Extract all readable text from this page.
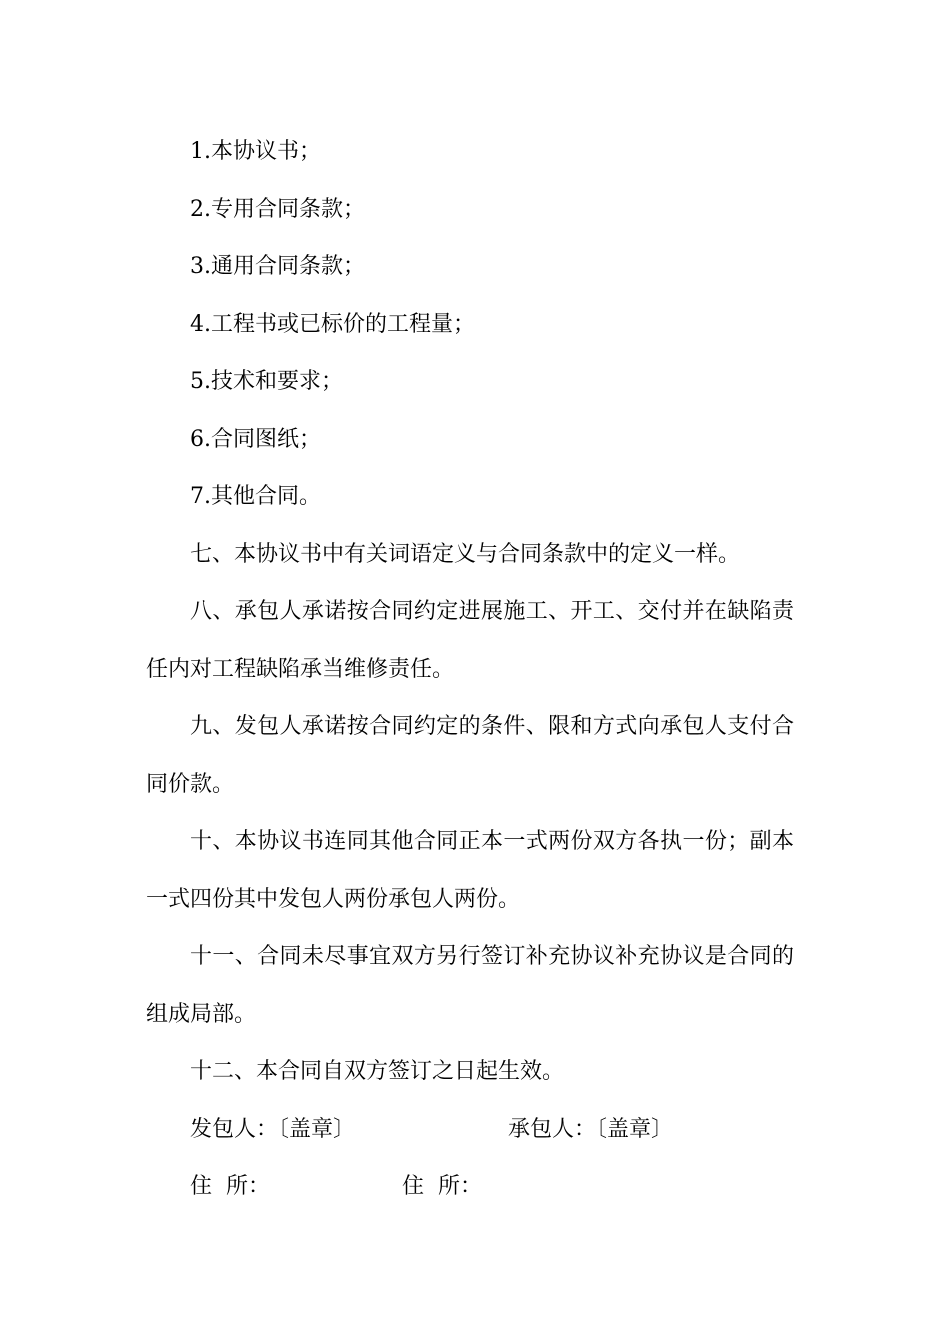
1.本协议书；
2.专用合同条款；
3.通用合同条款；
4.工程书或已标价的工程量；
5.技术和要求；
6.合同图纸；
7.其他合同。
七、本协议书中有关词语定义与合同条款中的定义一样。
八、承包人承诺按合同约定进展施工、开工、交付并在缺陷责
任内对工程缺陷承当维修责任。
九、发包人承诺按合同约定的条件、限和方式向承包人支付合
同价款。
十、本协议书连同其他合同正本一式两份双方各执一份；副本
一式四份其中发包人两份承包人两份。
十一、合同未尽事宜双方另行签订补充协议补充协议是合同的
组成局部。
十二、本合同自双方签订之日起生效。
发包人：〔盖章〕	承包人：〔盖章〕
住  所：	住  所：
